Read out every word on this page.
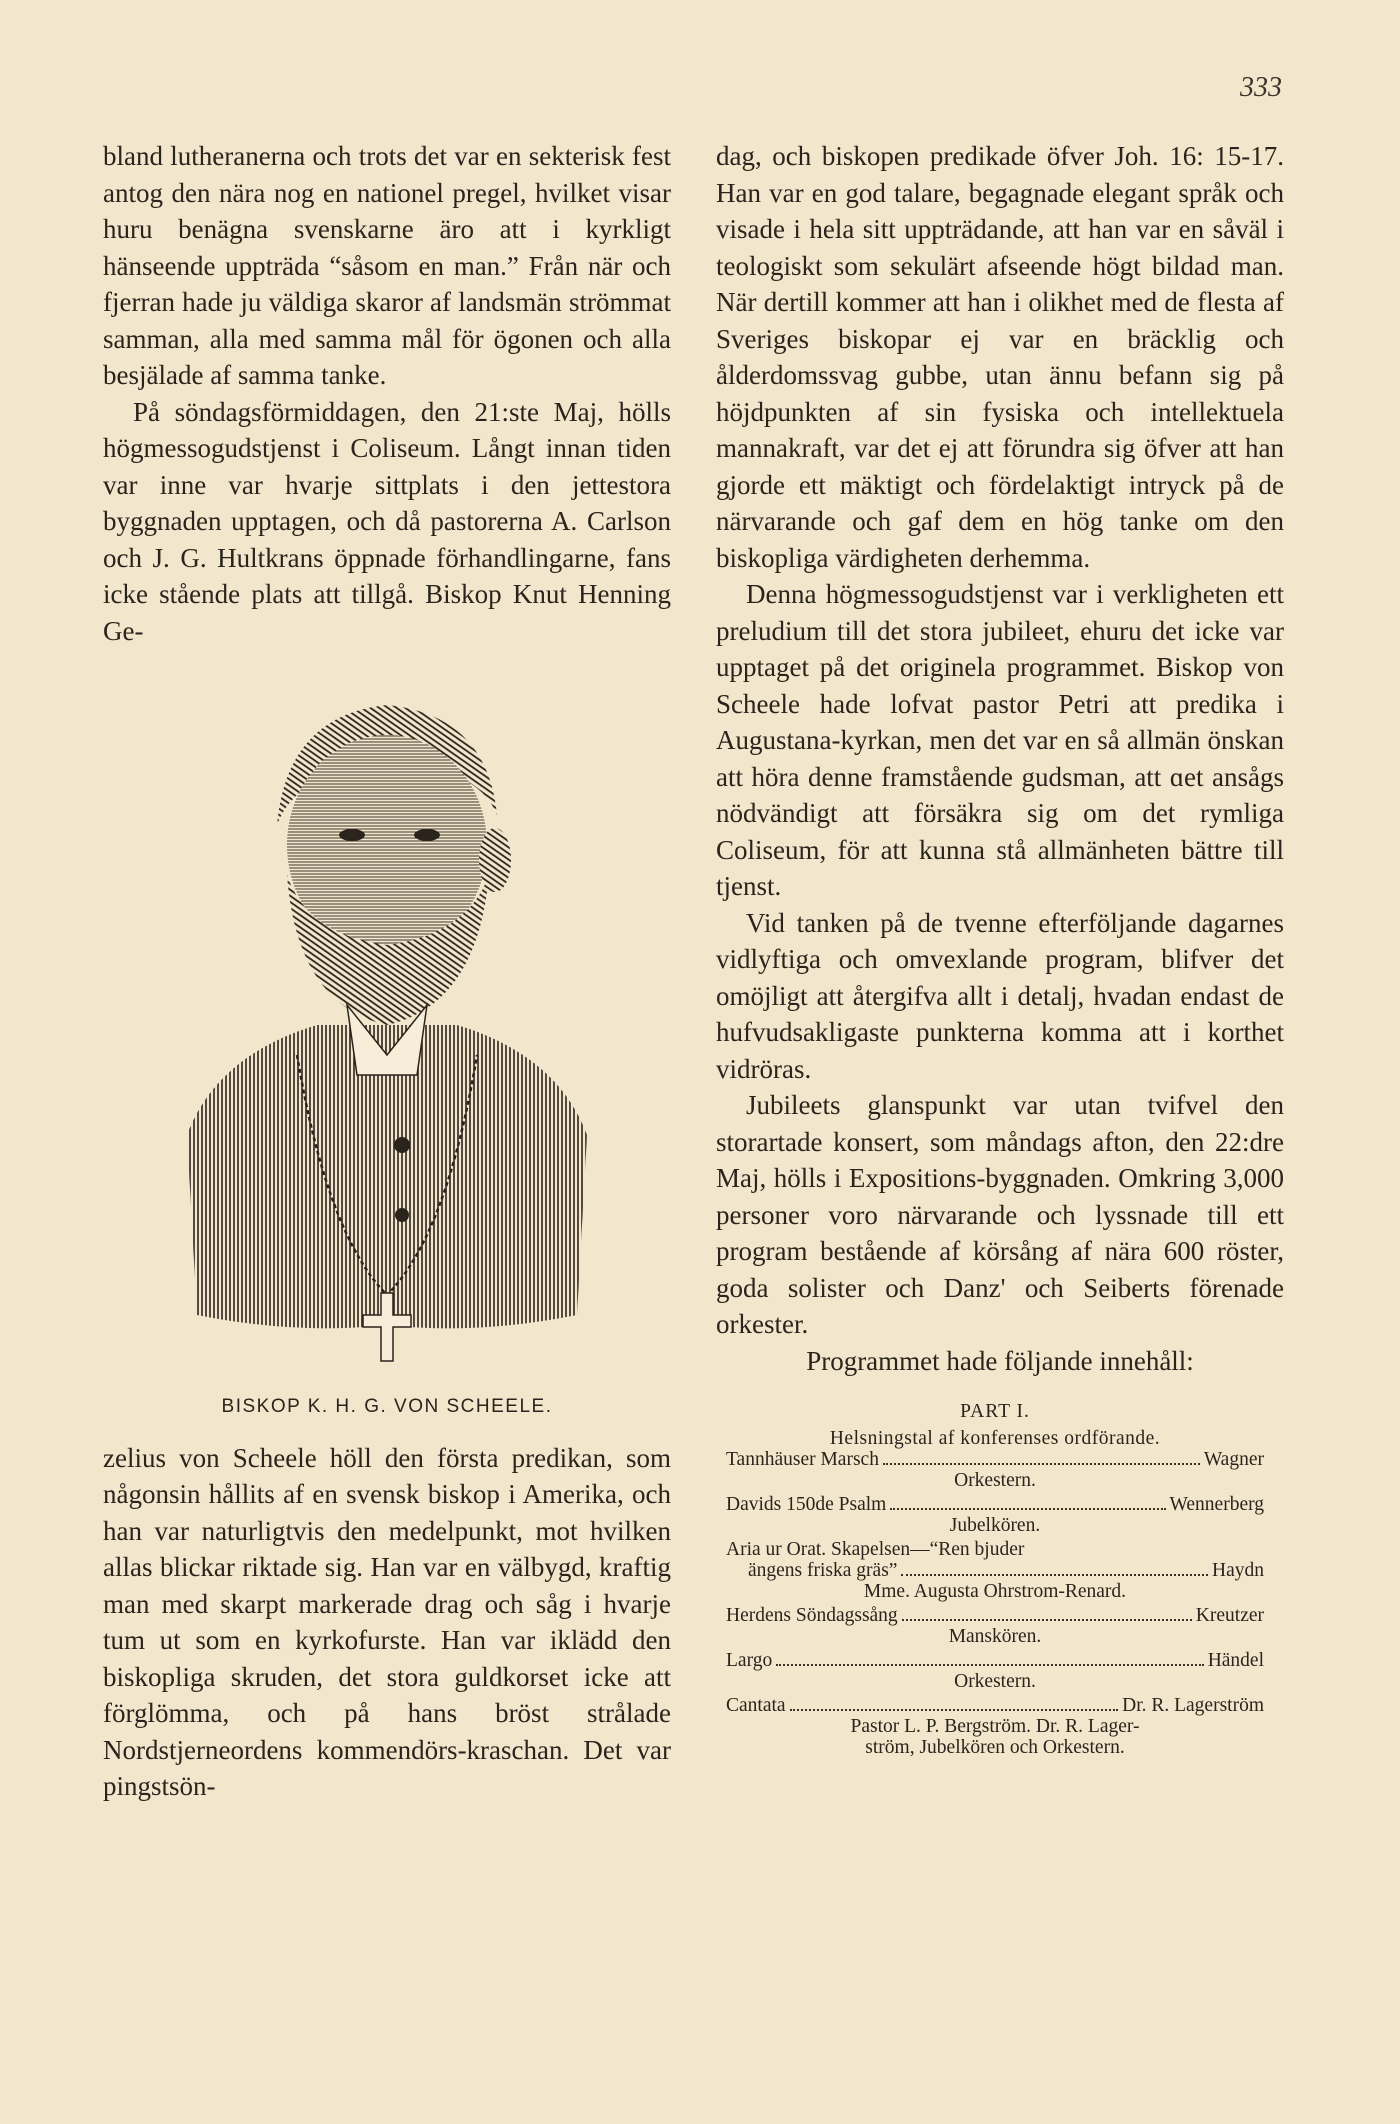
333

bland lutheranerna och trots det var en sekterisk fest antog den nära nog en nationel pregel, hvilket visar huru benägna svenskarne äro att i kyrkligt hänseende uppträda “såsom en man.” Från när och fjerran hade ju väldiga skaror af landsmän strömmat samman, alla med samma mål för ögonen och alla besjälade af samma tanke.

På söndagsförmiddagen, den 21:ste Maj, hölls högmessogudstjenst i Coliseum. Långt innan tiden var inne var hvarje sittplats i den jettestora byggnaden upptagen, och då pastorerna A. Carlson och J. G. Hultkrans öppnade förhandlingarne, fans icke stående plats att tillgå. Biskop Knut Henning Ge-

BISKOP K. H. G. VON SCHEELE.

zelius von Scheele höll den första predikan, som någonsin hållits af en svensk biskop i Amerika, och han var naturligtvis den medelpunkt, mot hvilken allas blickar riktade sig. Han var en välbygd, kraftig man med skarpt markerade drag och såg i hvarje tum ut som en kyrkofurste. Han var iklädd den biskopliga skruden, det stora guldkorset icke att förglömma, och på hans bröst strålade Nordstjerneordens kommendörs-kraschan. Det var pingstsön-

dag, och biskopen predikade öfver Joh. 16: 15-17. Han var en god talare, begagnade elegant språk och visade i hela sitt uppträdande, att han var en såväl i teologiskt som sekulärt afseende högt bildad man. När dertill kommer att han i olikhet med de flesta af Sveriges biskopar ej var en bräcklig och ålderdomssvag gubbe, utan ännu befann sig på höjdpunkten af sin fysiska och intellektuela mannakraft, var det ej att förundra sig öfver att han gjorde ett mäktigt och fördelaktigt intryck på de närvarande och gaf dem en hög tanke om den biskopliga värdigheten derhemma.

Denna högmessogudstjenst var i verkligheten ett preludium till det stora jubileet, ehuru det icke var upptaget på det originela programmet. Biskop von Scheele hade lofvat pastor Petri att predika i Augustana-kyrkan, men det var en så allmän önskan att höra denne framstående gudsman, att ɑet ansågs nödvändigt att försäkra sig om det rymliga Coliseum, för att kunna stå allmänheten bättre till tjenst.

Vid tanken på de tvenne efterföljande dagarnes vidlyftiga och omvexlande program, blifver det omöjligt att återgifva allt i detalj, hvadan endast de hufvudsakligaste punkterna komma att i korthet vidröras.

Jubileets glanspunkt var utan tvifvel den storartade konsert, som måndags afton, den 22:dre Maj, hölls i Expositions-byggnaden. Omkring 3,000 personer voro närvarande och lyssnade till ett program bestående af körsång af nära 600 röster, goda solister och Danz' och Seiberts förenade orkester.

Programmet hade följande innehåll:

PART I.
Helsningstal af konferenses ordförande.
Tannhäuser Marsch	Wagner
Orkestern.
Davids 150de Psalm	Wennerberg
Jubelkören.
Aria ur Orat. Skapelsen—“Ren bjuder
ängens friska gräs”	Haydn
Mme. Augusta Ohrstrom-Renard.
Herdens Söndagssång	Kreutzer
Manskören.
Largo	Händel
Orkestern.
Cantata	Dr. R. Lagerström
Pastor L. P. Bergström. Dr. R. Lager-
ström, Jubelkören och Orkestern.
